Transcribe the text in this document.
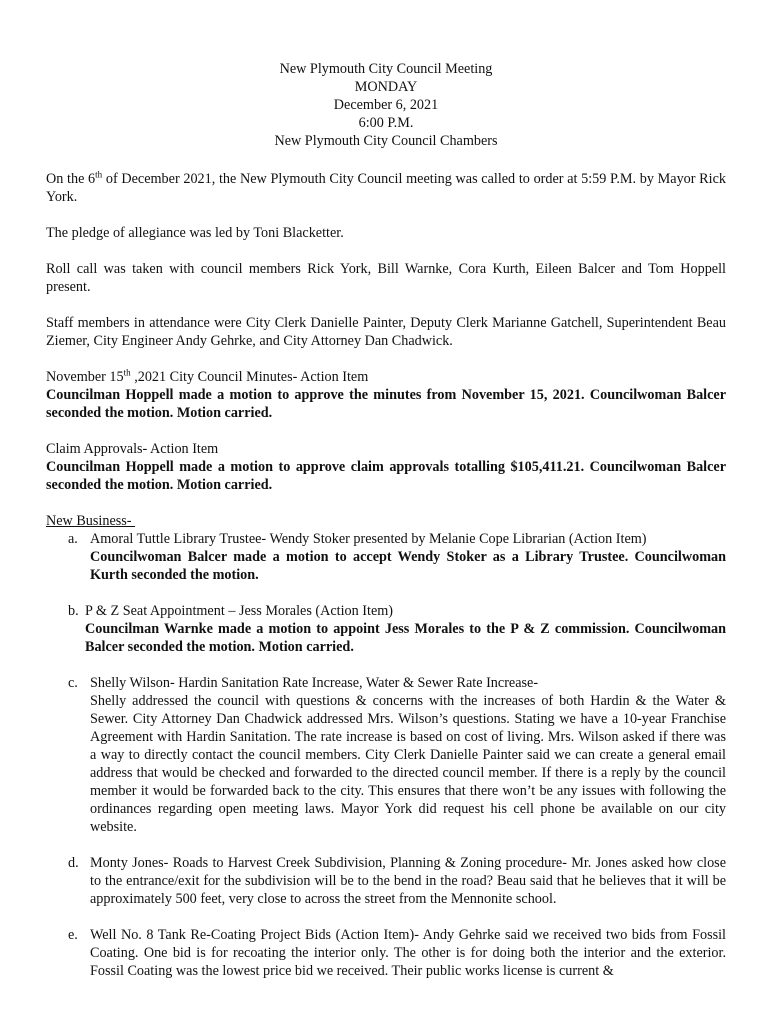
New Plymouth City Council Meeting
MONDAY
December 6, 2021
6:00 P.M.
New Plymouth City Council Chambers

On the 6th of December 2021, the New Plymouth City Council meeting was called to order at 5:59 P.M. by Mayor Rick York.

The pledge of allegiance was led by Toni Blacketter.

Roll call was taken with council members Rick York, Bill Warnke, Cora Kurth, Eileen Balcer and Tom Hoppell present.

Staff members in attendance were City Clerk Danielle Painter, Deputy Clerk Marianne Gatchell, Superintendent Beau Ziemer, City Engineer Andy Gehrke, and City Attorney Dan Chadwick.

November 15th ,2021 City Council Minutes- Action Item
Councilman Hoppell made a motion to approve the minutes from November 15, 2021. Councilwoman Balcer seconded the motion. Motion carried.
Claim Approvals- Action Item
Councilman Hoppell made a motion to approve claim approvals totalling $105,411.21. Councilwoman Balcer seconded the motion. Motion carried.
New Business-
a. Amoral Tuttle Library Trustee- Wendy Stoker presented by Melanie Cope Librarian (Action Item)
Councilwoman Balcer made a motion to accept Wendy Stoker as a Library Trustee. Councilwoman Kurth seconded the motion.
b. P & Z Seat Appointment – Jess Morales (Action Item)
Councilman Warnke made a motion to appoint Jess Morales to the P & Z commission. Councilwoman Balcer seconded the motion. Motion carried.
c. Shelly Wilson- Hardin Sanitation Rate Increase, Water & Sewer Rate Increase-
Shelly addressed the council with questions & concerns with the increases of both Hardin & the Water & Sewer. City Attorney Dan Chadwick addressed Mrs. Wilson’s questions. Stating we have a 10-year Franchise Agreement with Hardin Sanitation. The rate increase is based on cost of living. Mrs. Wilson asked if there was a way to directly contact the council members. City Clerk Danielle Painter said we can create a general email address that would be checked and forwarded to the directed council member. If there is a reply by the council member it would be forwarded back to the city. This ensures that there won’t be any issues with following the ordinances regarding open meeting laws. Mayor York did request his cell phone be available on our city website.
d. Monty Jones- Roads to Harvest Creek Subdivision, Planning & Zoning procedure- Mr. Jones asked how close to the entrance/exit for the subdivision will be to the bend in the road? Beau said that he believes that it will be approximately 500 feet, very close to across the street from the Mennonite school.
e. Well No. 8 Tank Re-Coating Project Bids (Action Item)- Andy Gehrke said we received two bids from Fossil Coating. One bid is for recoating the interior only. The other is for doing both the interior and the exterior. Fossil Coating was the lowest price bid we received. Their public works license is current &
